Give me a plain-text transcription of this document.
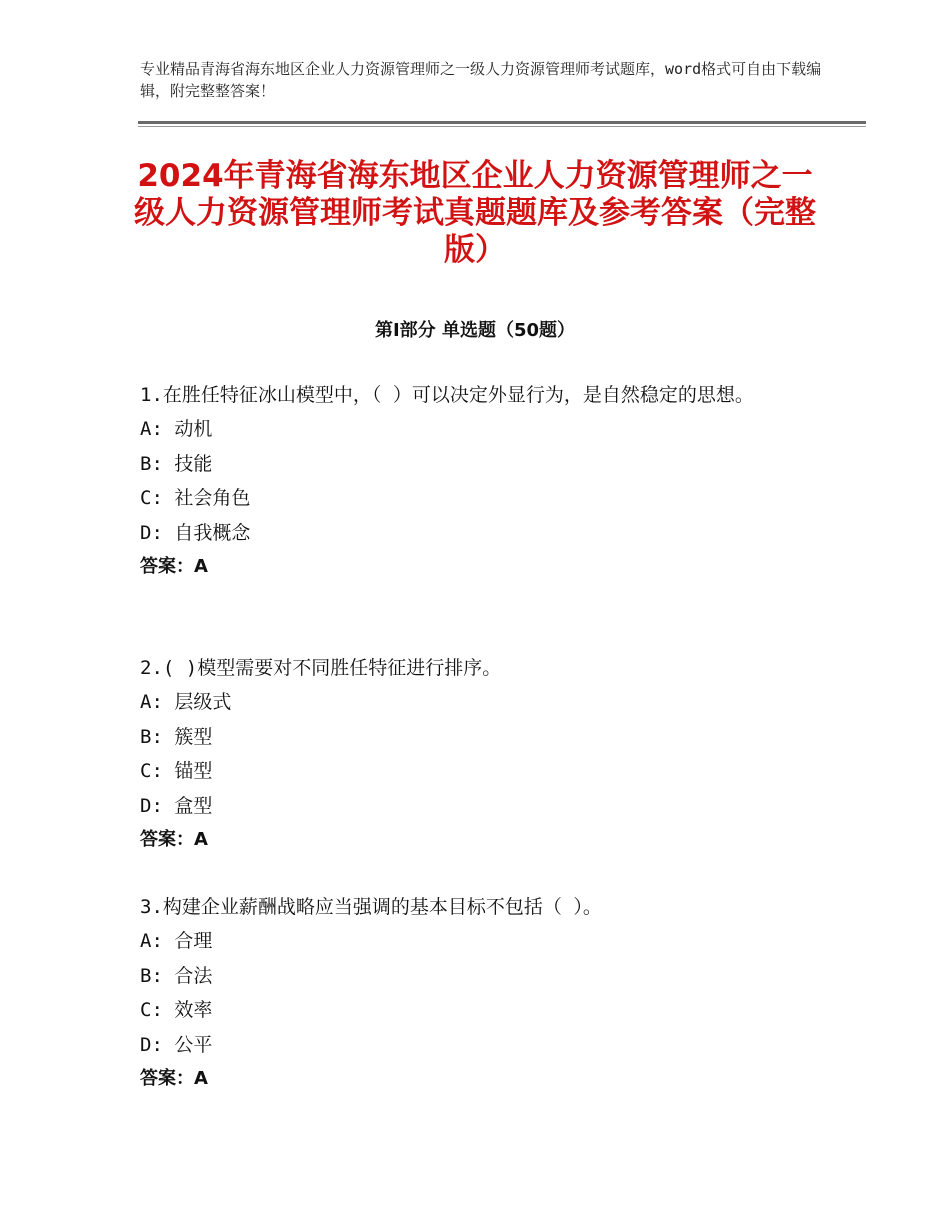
专业精品青海省海东地区企业人力资源管理师之一级人力资源管理师考试题库，word格式可自由下载编辑，附完整整答案！
2024年青海省海东地区企业人力资源管理师之一级人力资源管理师考试真题题库及参考答案（完整版）
第Ⅰ部分 单选题（50题）

1.在胜任特征冰山模型中，（ ）可以决定外显行为，是自然稳定的思想。

A: 动机

B: 技能

C: 社会角色

D: 自我概念

答案：A

2.( )模型需要对不同胜任特征进行排序。

A: 层级式

B: 簇型

C: 锚型

D: 盒型

答案：A

3.构建企业薪酬战略应当强调的基本目标不包括（ ）。

A: 合理

B: 合法

C: 效率

D: 公平

答案：A
